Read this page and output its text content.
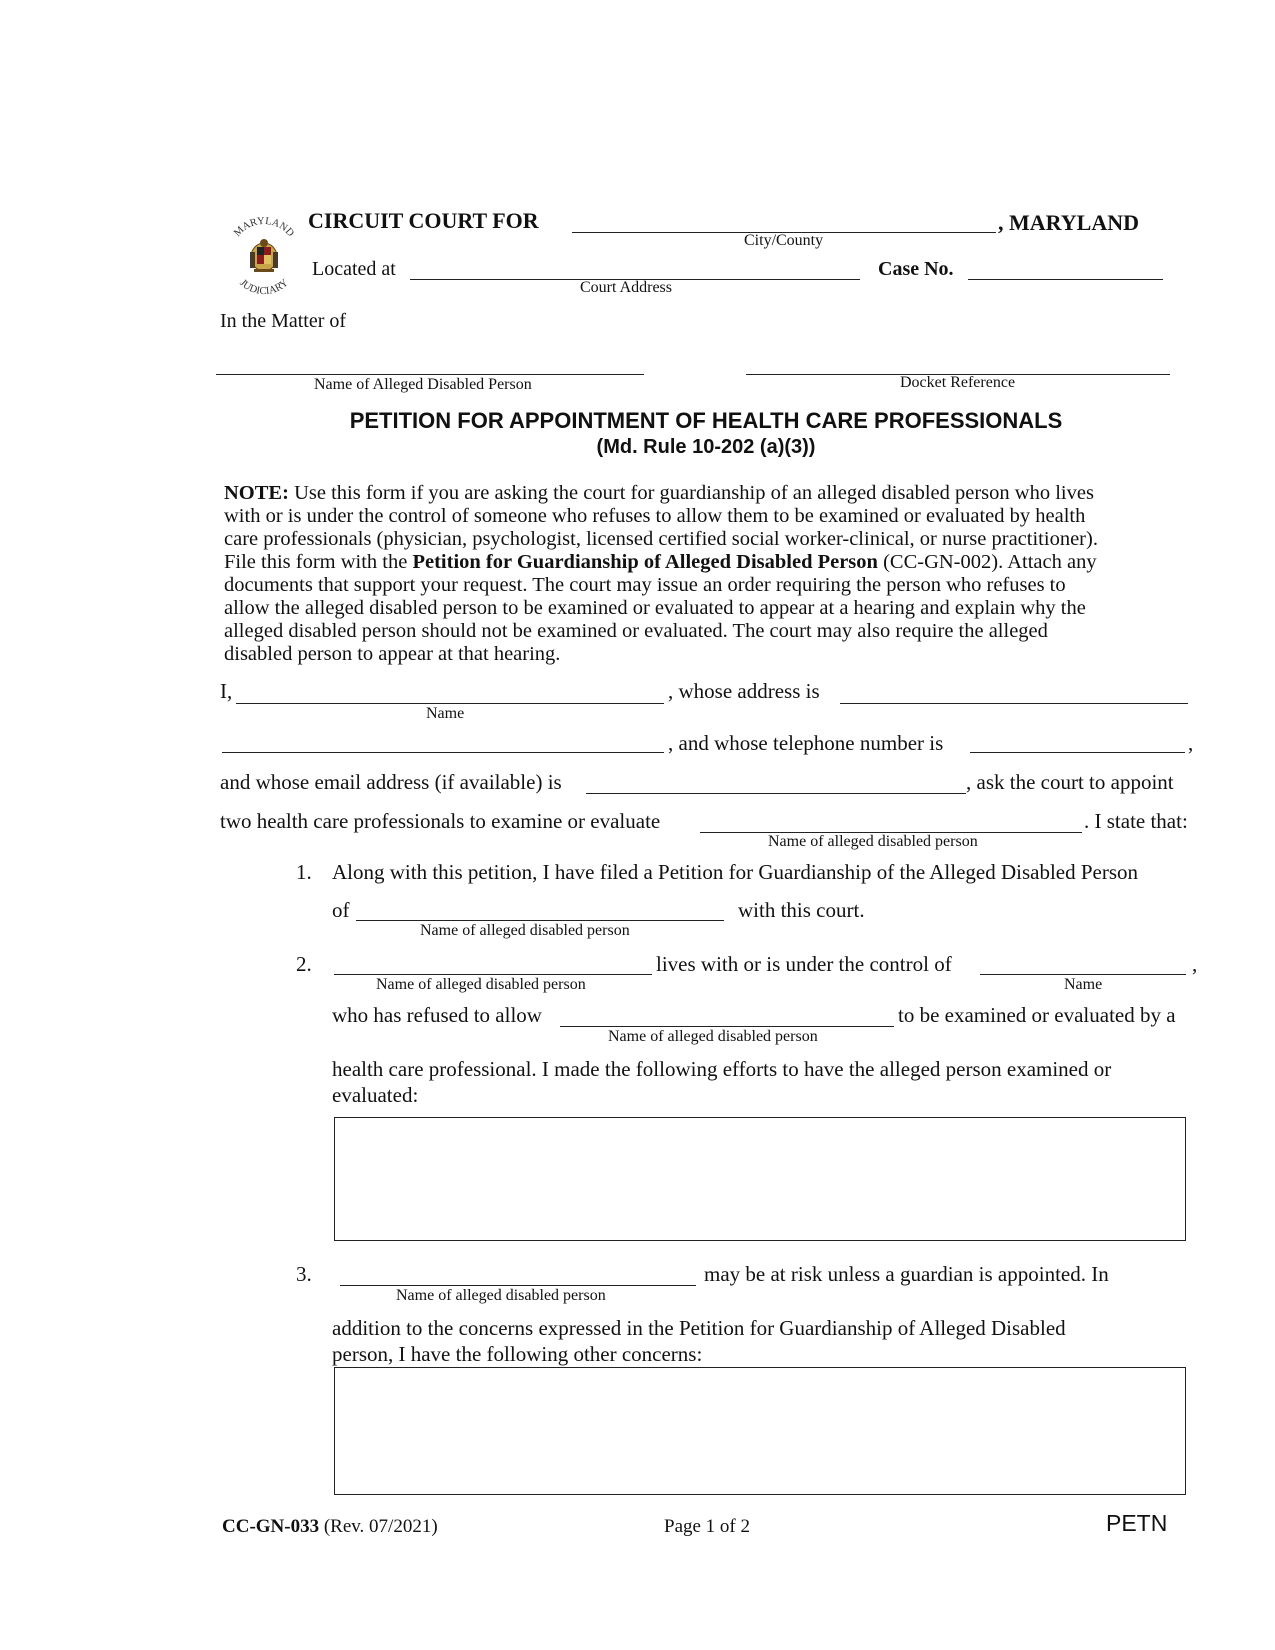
MARYLAND
JUDICIARY
CIRCUIT COURT FOR	, MARYLAND
City/County
Located at
Court Address
Case No.
In the Matter of
Name of Alleged Disabled Person	Docket Reference
PETITION FOR APPOINTMENT OF HEALTH CARE PROFESSIONALS
(Md. Rule 10-202 (a)(3))
NOTE: Use this form if you are asking the court for guardianship of an alleged disabled person who lives
with or is under the control of someone who refuses to allow them to be examined or evaluated by health
care professionals (physician, psychologist, licensed certified social worker-clinical, or nurse practitioner).
File this form with the Petition for Guardianship of Alleged Disabled Person (CC-GN-002). Attach any
documents that support your request. The court may issue an order requiring the person who refuses to
allow the alleged disabled person to be examined or evaluated to appear at a hearing and explain why the
alleged disabled person should not be examined or evaluated. The court may also require the alleged
disabled person to appear at that hearing.
I,
Name
, whose address is
, and whose telephone number is	,
and whose email address (if available) is	, ask the court to appoint
two health care professionals to examine or evaluate
Name of alleged disabled person
. I state that:
1. Along with this petition, I have filed a Petition for Guardianship of the Alleged Disabled Person
of
Name of alleged disabled person
with this court.
2.
Name of alleged disabled person
lives with or is under the control of
Name
,
who has refused to allow
Name of alleged disabled person
to be examined or evaluated by a
health care professional. I made the following efforts to have the alleged person examined or
evaluated:
3.
Name of alleged disabled person
may be at risk unless a guardian is appointed. In
addition to the concerns expressed in the Petition for Guardianship of Alleged Disabled
person, I have the following other concerns:
CC-GN-033 (Rev. 07/2021)	Page 1 of 2	PETN
